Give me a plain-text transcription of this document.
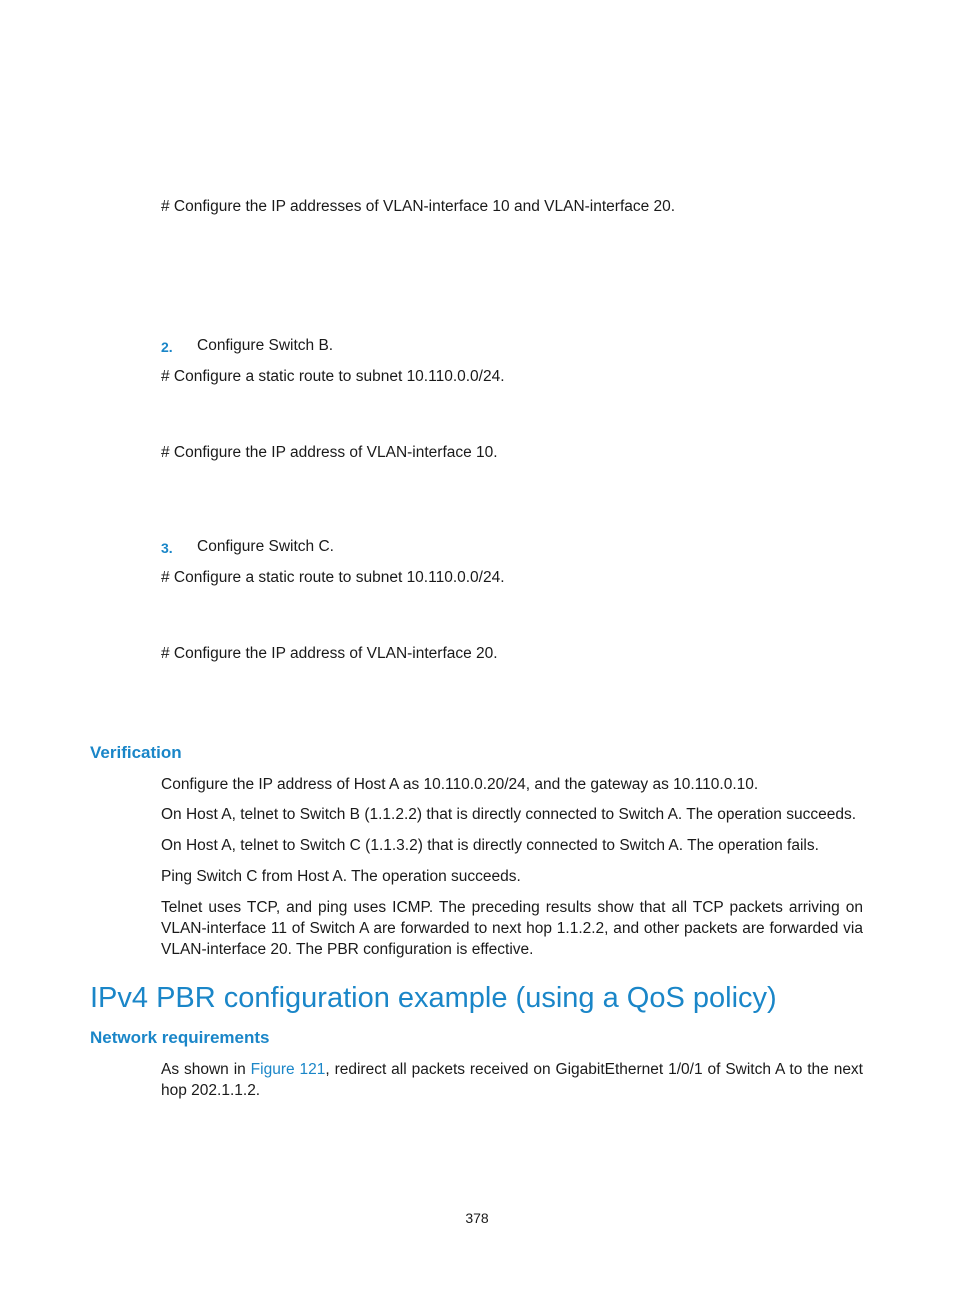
# Configure the IP addresses of VLAN-interface 10 and VLAN-interface 20.
2. Configure Switch B.
# Configure a static route to subnet 10.110.0.0/24.
# Configure the IP address of VLAN-interface 10.
3. Configure Switch C.
# Configure a static route to subnet 10.110.0.0/24.
# Configure the IP address of VLAN-interface 20.
Verification
Configure the IP address of Host A as 10.110.0.20/24, and the gateway as 10.110.0.10.
On Host A, telnet to Switch B (1.1.2.2) that is directly connected to Switch A. The operation succeeds.
On Host A, telnet to Switch C (1.1.3.2) that is directly connected to Switch A. The operation fails.
Ping Switch C from Host A. The operation succeeds.
Telnet uses TCP, and ping uses ICMP. The preceding results show that all TCP packets arriving on VLAN-interface 11 of Switch A are forwarded to next hop 1.1.2.2, and other packets are forwarded via VLAN-interface 20. The PBR configuration is effective.
IPv4 PBR configuration example (using a QoS policy)
Network requirements
As shown in Figure 121, redirect all packets received on GigabitEthernet 1/0/1 of Switch A to the next hop 202.1.1.2.
378
